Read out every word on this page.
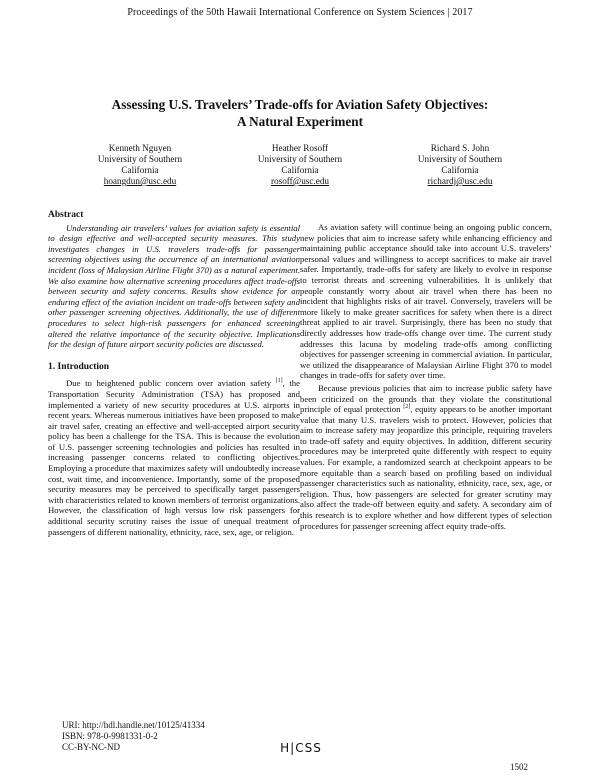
Proceedings of the 50th Hawaii International Conference on System Sciences | 2017
Assessing U.S. Travelers’ Trade-offs for Aviation Safety Objectives:
A Natural Experiment
Kenneth Nguyen
University of Southern
California
hoangdun@usc.edu
Heather Rosoff
University of Southern
California
rosoff@usc.edu
Richard S. John
University of Southern
California
richardj@usc.edu
Abstract

Understanding air travelers’ values for aviation safety is essential to design effective and well-accepted security measures. This study investigates changes in U.S. travelers trade-offs for passenger screening objectives using the occurrence of an international aviation incident (loss of Malaysian Airline Flight 370) as a natural experiment. We also examine how alternative screening procedures affect trade-offs between security and safety concerns. Results show evidence for an enduring effect of the aviation incident on trade-offs between safety and other passenger screening objectives. Additionally, the use of different procedures to select high-risk passengers for enhanced screening altered the relative importance of the security objective. Implications for the design of future airport security policies are discussed.

1. Introduction

Due to heightened public concern over aviation safety [1], the Transportation Security Administration (TSA) has proposed and implemented a variety of new security procedures at U.S. airports in recent years. Whereas numerous initiatives have been proposed to make air travel safer, creating an effective and well-accepted airport security policy has been a challenge for the TSA. This is because the evolution of U.S. passenger screening technologies and policies has resulted in increasing passenger concerns related to conflicting objectives. Employing a procedure that maximizes safety will undoubtedly increase cost, wait time, and inconvenience. Importantly, some of the proposed security measures may be perceived to specifically target passengers with characteristics related to known members of terrorist organizations. However, the classification of high versus low risk passengers for additional security scrutiny raises the issue of unequal treatment of passengers of different nationality, ethnicity, race, sex, age, or religion.

As aviation safety will continue being an ongoing public concern, new policies that aim to increase safety while enhancing efficiency and maintaining public acceptance should take into account U.S. travelers’ personal values and willingness to accept sacrifices to make air travel safer. Importantly, trade-offs for safety are likely to evolve in response to terrorist threats and screening vulnerabilities. It is unlikely that people constantly worry about air travel when there has been no incident that highlights risks of air travel. Conversely, travelers will be more likely to make greater sacrifices for safety when there is a direct threat applied to air travel. Surprisingly, there has been no study that directly addresses how trade-offs change over time. The current study addresses this lacuna by modeling trade-offs among conflicting objectives for passenger screening in commercial aviation. In particular, we utilized the disappearance of Malaysian Airline Flight 370 to model changes in trade-offs for safety over time.

Because previous policies that aim to increase public safety have been criticized on the grounds that they violate the constitutional principle of equal protection [2], equity appears to be another important value that many U.S. travelers wish to protect. However, policies that aim to increase safety may jeopardize this principle, requiring travelers to trade-off safety and equity objectives. In addition, different security procedures may be interpreted quite differently with respect to equity values. For example, a randomized search at checkpoint appears to be more equitable than a search based on profiling based on individual passenger characteristics such as nationality, ethnicity, race, sex, age, or religion. Thus, how passengers are selected for greater scrutiny may also affect the trade-off between equity and safety. A secondary aim of this research is to explore whether and how different types of selection procedures for passenger screening affect equity trade-offs.

URI: http://hdl.handle.net/10125/41334
ISBN: 978-0-9981331-0-2
CC-BY-NC-ND	H|CSS
1502
